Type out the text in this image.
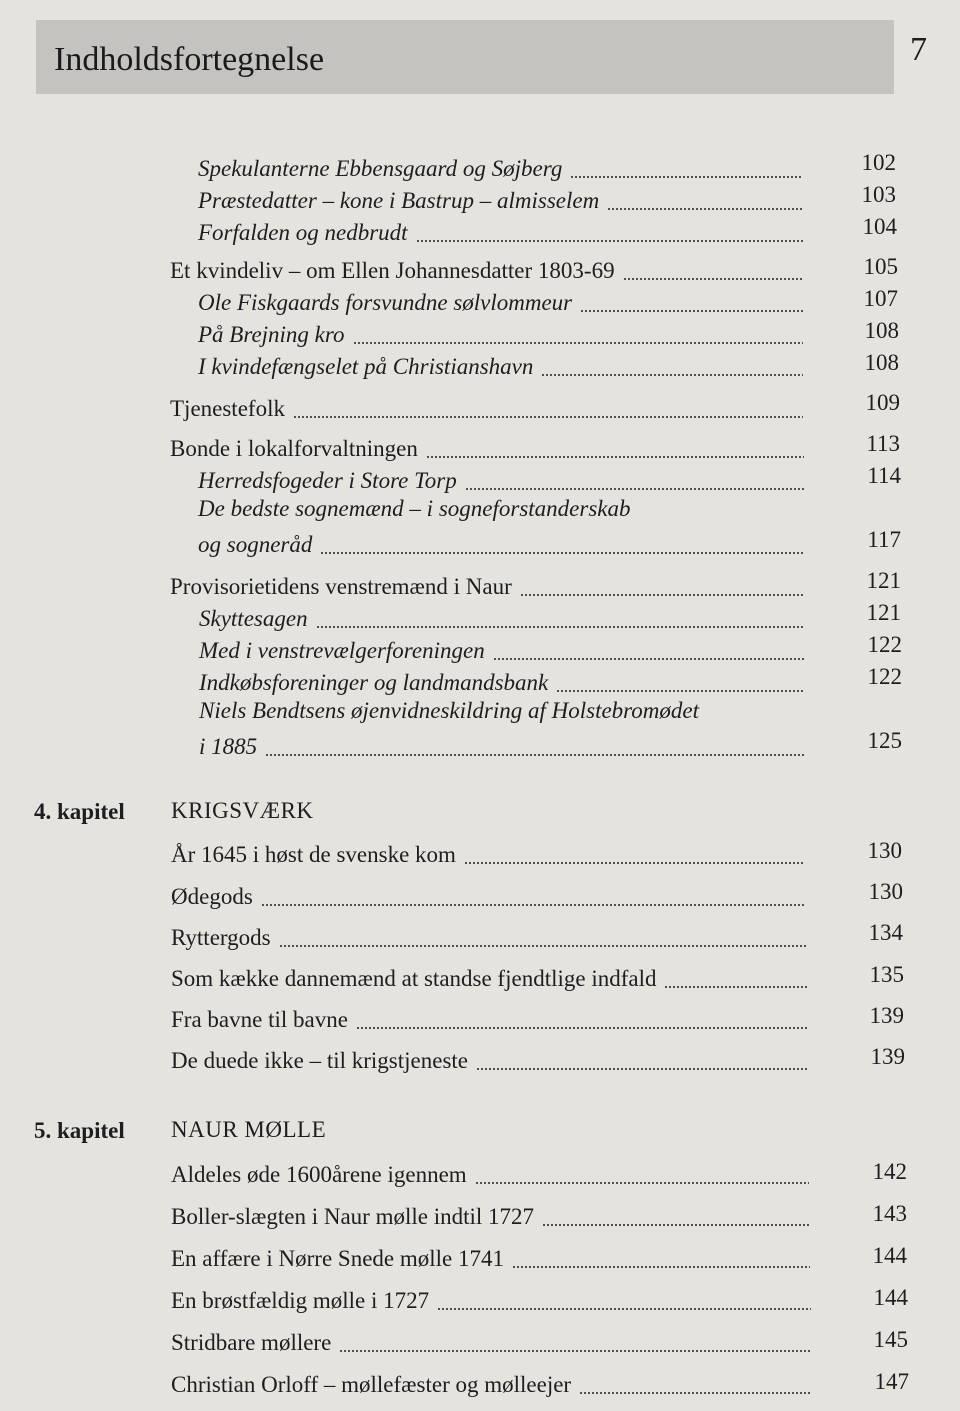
Indholdsfortegnelse	7
Spekulanterne Ebbensgaard og Søjberg	102
Præstedatter – kone i Bastrup – almisselem	103
Forfalden og nedbrudt	104
Et kvindeliv – om Ellen Johannesdatter 1803-69	105
Ole Fiskgaards forsvundne sølvlommeur	107
På Brejning kro	108
I kvindefængselet på Christianshavn	108
Tjenestefolk	109
Bonde i lokalforvaltningen	113
Herredsfogeder i Store Torp	114
De bedste sognemænd – i sogneforstanderskab
og sogneråd	117
Provisorietidens venstremænd i Naur	121
Skyttesagen	121
Med i venstrevælgerforeningen	122
Indkøbsforeninger og landmandsbank	122
Niels Bendtsens øjenvidneskildring af Holstebromødet
i 1885	125
4. kapitel KRIGSVÆRK
År 1645 i høst de svenske kom	130
Ødegods	130
Ryttergods	134
Som kække dannemænd at standse fjendtlige indfald	135
Fra bavne til bavne	139
De duede ikke – til krigstjeneste	139
5. kapitel NAUR MØLLE
Aldeles øde 1600årene igennem	142
Boller-slægten i Naur mølle indtil 1727	143
En affære i Nørre Snede mølle 1741	144
En brøstfældig mølle i 1727	144
Stridbare møllere	145
Christian Orloff – møllefæster og mølleejer	147
